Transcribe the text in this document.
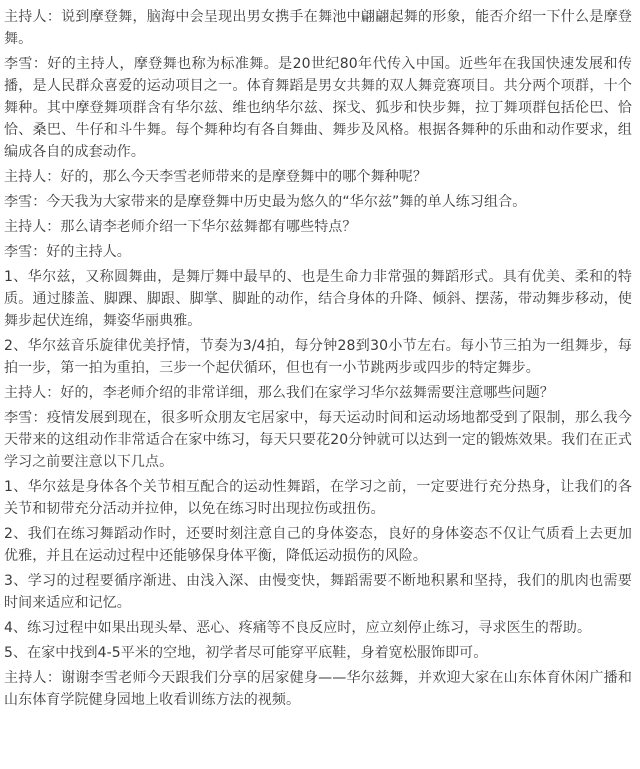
主持人：说到摩登舞，脑海中会呈现出男女携手在舞池中翩翩起舞的形象，能否介绍一下什么是摩登舞。

李雪：好的主持人，摩登舞也称为标准舞。是20世纪80年代传入中国。近些年在我国快速发展和传播，是人民群众喜爱的运动项目之一。体育舞蹈是男女共舞的双人舞竞赛项目。共分两个项群，十个舞种。其中摩登舞项群含有华尔兹、维也纳华尔兹、探戈、狐步和快步舞，拉丁舞项群包括伦巴、恰恰、桑巴、牛仔和斗牛舞。每个舞种均有各自舞曲、舞步及风格。根据各舞种的乐曲和动作要求，组编成各自的成套动作。

主持人：好的，那么今天李雪老师带来的是摩登舞中的哪个舞种呢？

李雪：今天我为大家带来的是摩登舞中历史最为悠久的“华尔兹”舞的单人练习组合。

主持人：那么请李老师介绍一下华尔兹舞都有哪些特点？

李雪：好的主持人。

1、华尔兹，又称圆舞曲，是舞厅舞中最早的、也是生命力非常强的舞蹈形式。具有优美、柔和的特质。通过膝盖、脚踝、脚跟、脚掌、脚趾的动作，结合身体的升降、倾斜、摆荡，带动舞步移动，使舞步起伏连绵，舞姿华丽典雅。

2、华尔兹音乐旋律优美抒情，节奏为3/4拍，每分钟28到30小节左右。每小节三拍为一组舞步，每拍一步，第一拍为重拍，三步一个起伏循环，但也有一小节跳两步或四步的特定舞步。

主持人：好的，李老师介绍的非常详细，那么我们在家学习华尔兹舞需要注意哪些问题？

李雪：疫情发展到现在，很多听众朋友宅居家中，每天运动时间和运动场地都受到了限制，那么我今天带来的这组动作非常适合在家中练习，每天只要花20分钟就可以达到一定的锻炼效果。我们在正式学习之前要注意以下几点。

1、华尔兹是身体各个关节相互配合的运动性舞蹈，在学习之前，一定要进行充分热身，让我们的各关节和韧带充分活动并拉伸，以免在练习时出现拉伤或扭伤。

2、我们在练习舞蹈动作时，还要时刻注意自己的身体姿态，良好的身体姿态不仅让气质看上去更加优雅，并且在运动过程中还能够保身体平衡，降低运动损伤的风险。

3、学习的过程要循序渐进、由浅入深、由慢变快，舞蹈需要不断地积累和坚持，我们的肌肉也需要时间来适应和记忆。

4、练习过程中如果出现头晕、恶心、疼痛等不良反应时，应立刻停止练习，寻求医生的帮助。

5、在家中找到4-5平米的空地，初学者尽可能穿平底鞋，身着宽松服饰即可。

主持人：谢谢李雪老师今天跟我们分享的居家健身——华尔兹舞，并欢迎大家在山东体育休闲广播和山东体育学院健身园地上收看训练方法的视频。
